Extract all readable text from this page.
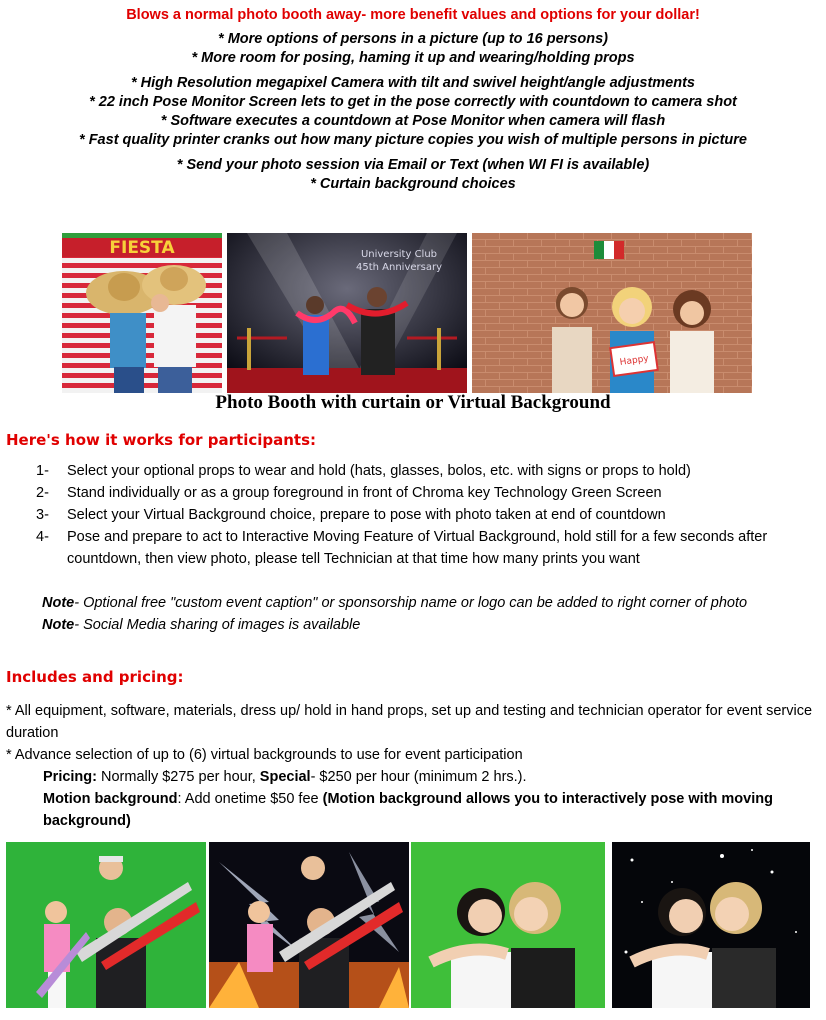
Blows a normal photo booth away- more benefit values and options for your dollar!
* More options of persons in a picture (up to 16 persons)
* More room for posing, haming it up and wearing/holding props
* High Resolution megapixel Camera with tilt and swivel height/angle adjustments
* 22 inch Pose Monitor Screen lets to get in the pose correctly with countdown to camera shot
* Software executes a countdown at Pose Monitor when camera will flash
* Fast quality printer cranks out how many picture copies you wish of multiple persons in picture
* Send your photo session via Email or Text (when WI FI is available)
* Curtain background choices
FIESTA	University Club
45th Anniversary
Happy
Photo Booth with curtain or Virtual Background
Here's how it works for participants:
1-	Select your optional props to wear and hold (hats, glasses, bolos, etc. with signs or props to hold)
2-	Stand individually or as a group foreground in front of Chroma key Technology Green Screen
3-	Select your Virtual Background choice, prepare to pose with photo taken at end of countdown
4-	Pose and prepare to act to Interactive Moving Feature of Virtual Background, hold still for a few seconds after countdown, then view photo, please tell Technician at that time how many prints you want
Note- Optional free "custom event caption" or sponsorship name or logo can be added to right corner of photo
Note- Social Media sharing of images is available
Includes and pricing:
* All equipment, software, materials, dress up/ hold in hand props, set up and testing and technician operator for event service duration
* Advance selection of up to (6) virtual backgrounds to use for event participation
Pricing: Normally $275 per hour, Special- $250 per hour (minimum 2 hrs.).
Motion background: Add onetime $50 fee (Motion background allows you to interactively pose with moving background)
